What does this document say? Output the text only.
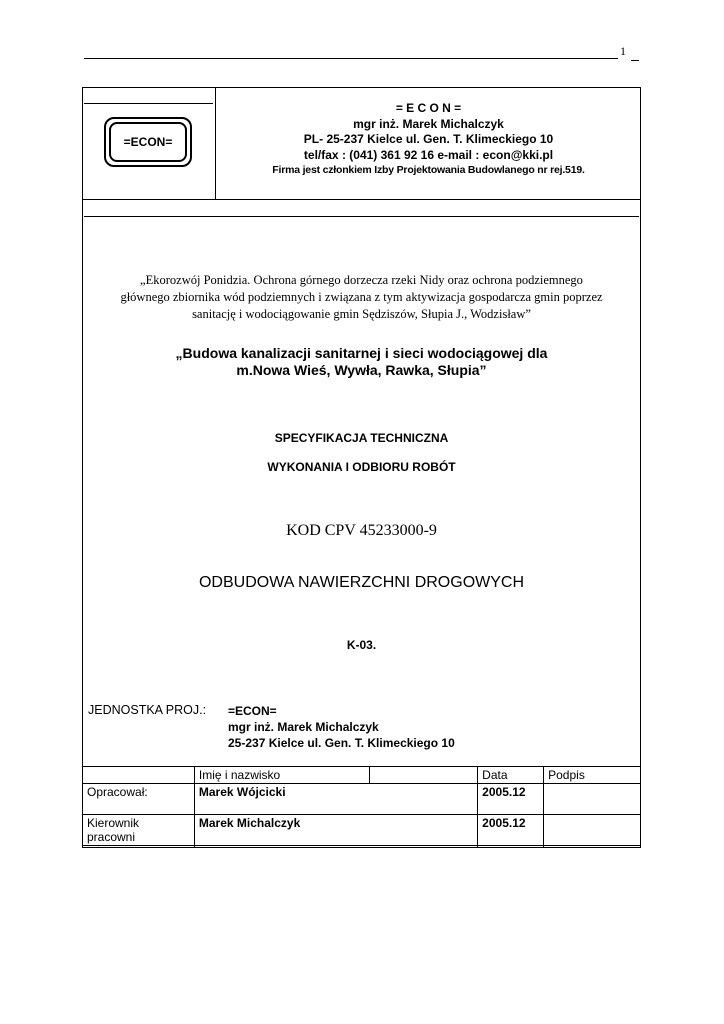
1
=ECON=
= E C O N =
mgr inż. Marek Michalczyk
PL- 25-237 Kielce ul. Gen. T. Klimeckiego 10
tel/fax : (041) 361 92 16 e-mail : econ@kki.pl
Firma jest członkiem Izby Projektowania Budowlanego nr rej.519.
„Ekorozwój Ponidzia. Ochrona górnego dorzecza rzeki Nidy oraz ochrona podziemnego
głównego zbiornika wód podziemnych i związana z tym aktywizacja gospodarcza gmin poprzez
sanitację i wodociągowanie gmin Sędziszów, Słupia J., Wodzisław”
„Budowa kanalizacji sanitarnej i sieci wodociągowej dla
m.Nowa Wieś, Wywła, Rawka, Słupia”
SPECYFIKACJA TECHNICZNA
WYKONANIA I ODBIORU ROBÓT
KOD CPV 45233000-9
ODBUDOWA NAWIERZCHNI DROGOWYCH
K-03.
JEDNOSTKA PROJ.: =ECON=
mgr inż. Marek Michalczyk
25-237 Kielce ul. Gen. T. Klimeckiego 10
	Imię i nazwisko		Data	Podpis
Opracował:	Marek Wójcicki		2005.12	
Kierownik pracowni	Marek Michalczyk		2005.12	
